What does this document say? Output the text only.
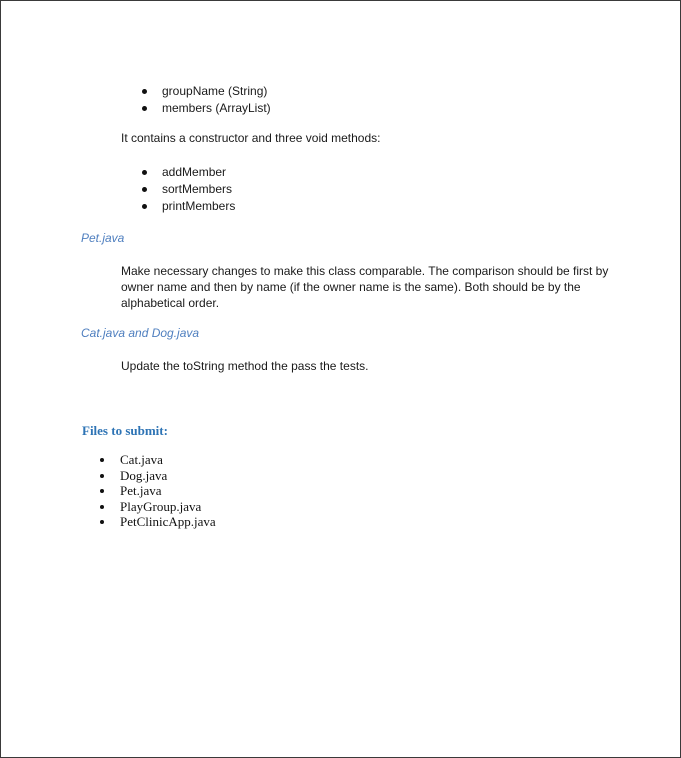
groupName (String)
members (ArrayList)
It contains a constructor and three void methods:
addMember
sortMembers
printMembers
Pet.java
Make necessary changes to make this class comparable. The comparison should be first by owner name and then by name (if the owner name is the same). Both should be by the alphabetical order.
Cat.java and Dog.java
Update the toString method the pass the tests.
Files to submit:
Cat.java
Dog.java
Pet.java
PlayGroup.java
PetClinicApp.java
